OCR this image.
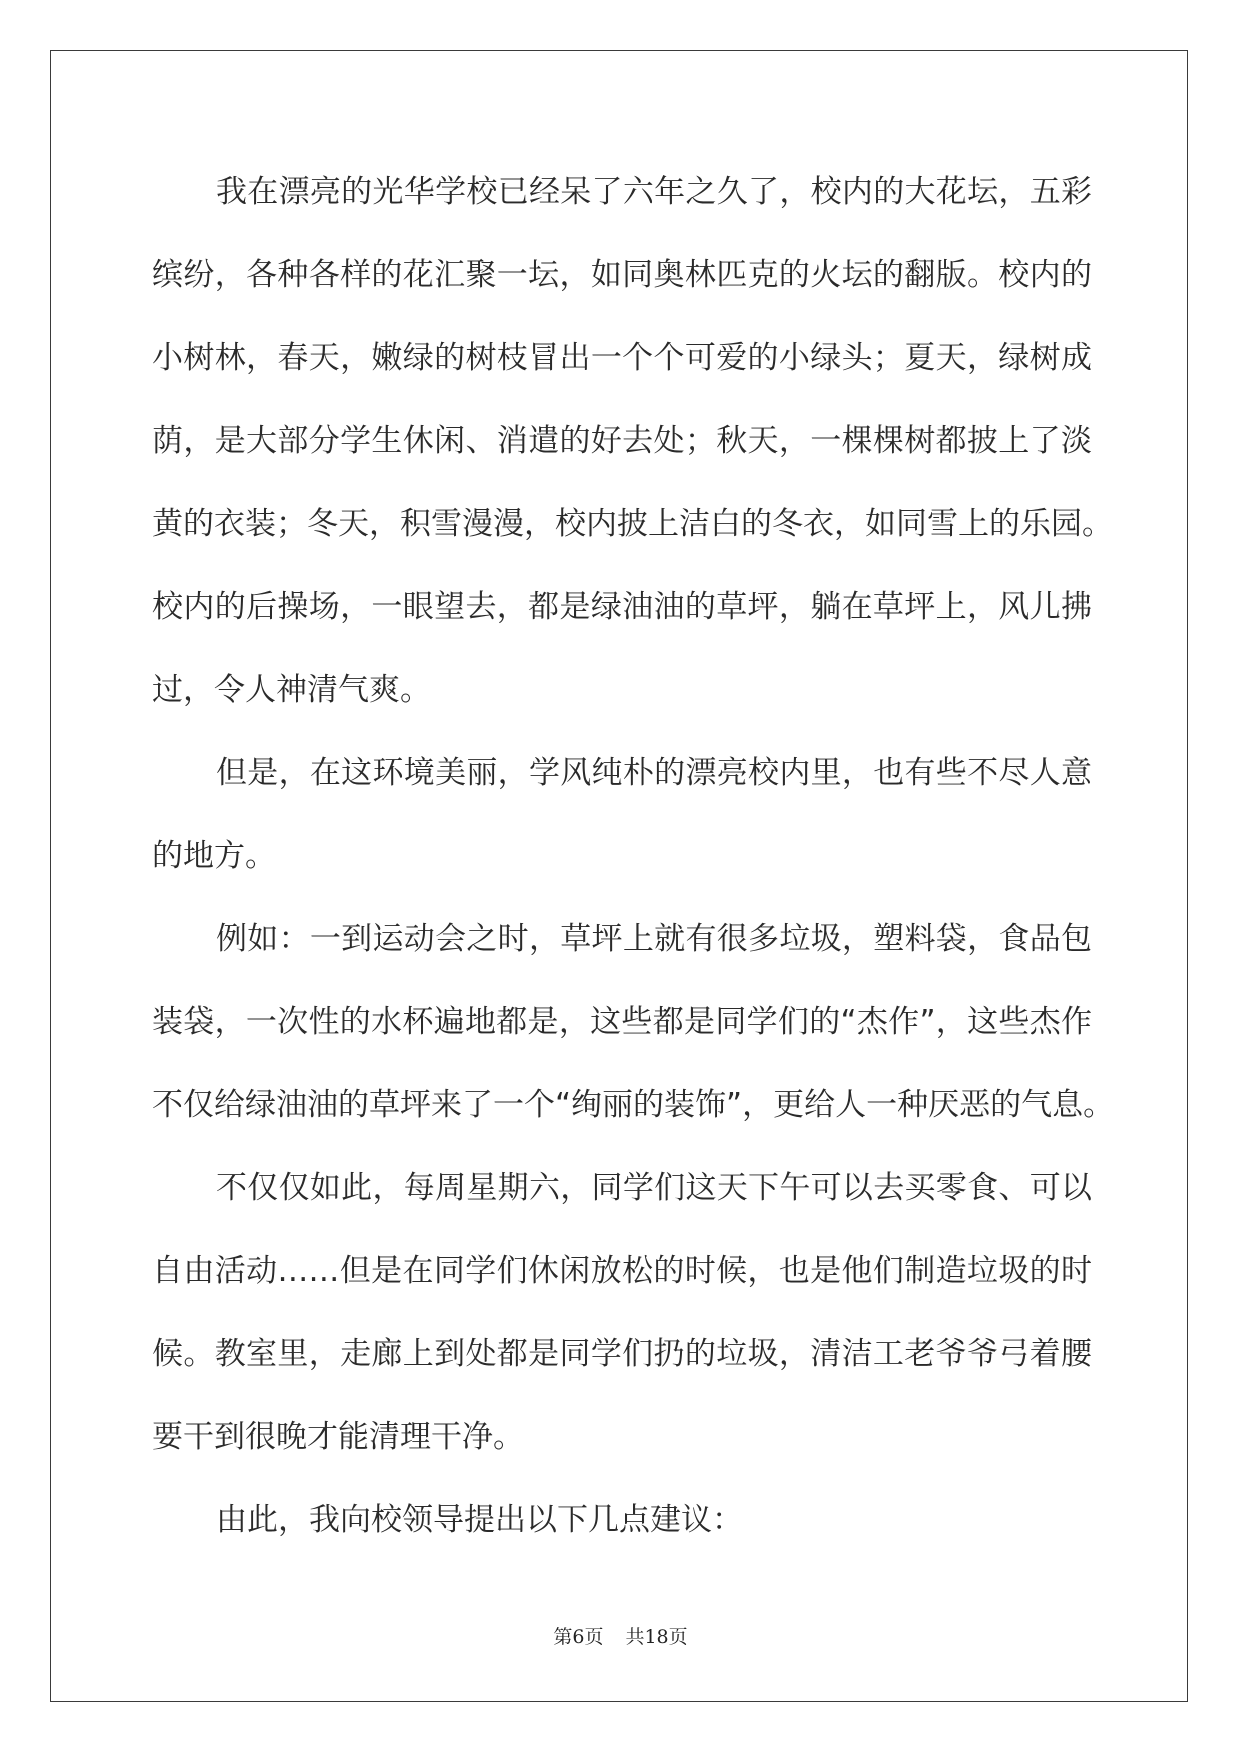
我在漂亮的光华学校已经呆了六年之久了，校内的大花坛，五彩

缤纷，各种各样的花汇聚一坛，如同奥林匹克的火坛的翻版。校内的

小树林，春天，嫩绿的树枝冒出一个个可爱的小绿头；夏天，绿树成

荫，是大部分学生休闲、消遣的好去处；秋天，一棵棵树都披上了淡

黄的衣装；冬天，积雪漫漫，校内披上洁白的冬衣，如同雪上的乐园。

校内的后操场，一眼望去，都是绿油油的草坪，躺在草坪上，风儿拂

过，令人神清气爽。

但是，在这环境美丽，学风纯朴的漂亮校内里，也有些不尽人意

的地方。

例如：一到运动会之时，草坪上就有很多垃圾，塑料袋，食品包

装袋，一次性的水杯遍地都是，这些都是同学们的“杰作”，这些杰作

不仅给绿油油的草坪来了一个“绚丽的装饰”，更给人一种厌恶的气息。

不仅仅如此，每周星期六，同学们这天下午可以去买零食、可以

自由活动……但是在同学们休闲放松的时候，也是他们制造垃圾的时

候。教室里，走廊上到处都是同学们扔的垃圾，清洁工老爷爷弓着腰

要干到很晚才能清理干净。

由此，我向校领导提出以下几点建议：

第6页 共18页
